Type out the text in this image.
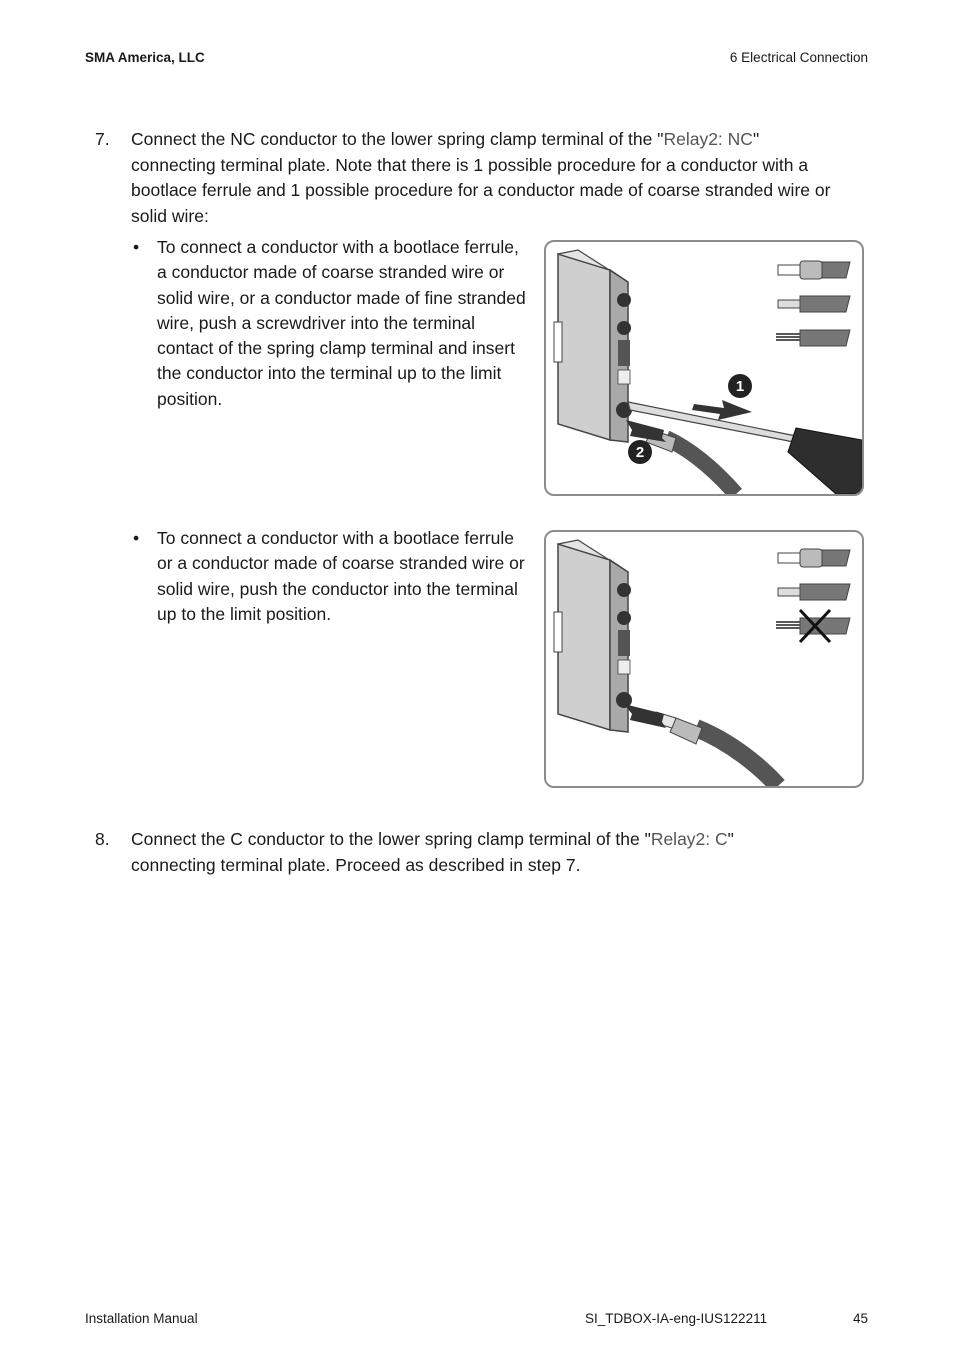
SMA America, LLC	6 Electrical Connection
7. Connect the NC conductor to the lower spring clamp terminal of the "Relay2: NC"
connecting terminal plate. Note that there is 1 possible procedure for a conductor with a
bootlace ferrule and 1 possible procedure for a conductor made of coarse stranded wire or
solid wire:
• To connect a conductor with a bootlace ferrule,
a conductor made of coarse stranded wire or
solid wire, or a conductor made of fine stranded
wire, push a screwdriver into the terminal
contact of the spring clamp terminal and insert
the conductor into the terminal up to the limit
position.
1
2
• To connect a conductor with a bootlace ferrule
or a conductor made of coarse stranded wire or
solid wire, push the conductor into the terminal
up to the limit position.
8. Connect the C conductor to the lower spring clamp terminal of the "Relay2: C"
connecting terminal plate. Proceed as described in step 7.
Installation Manual	SI_TDBOX-IA-eng-IUS122211	45
